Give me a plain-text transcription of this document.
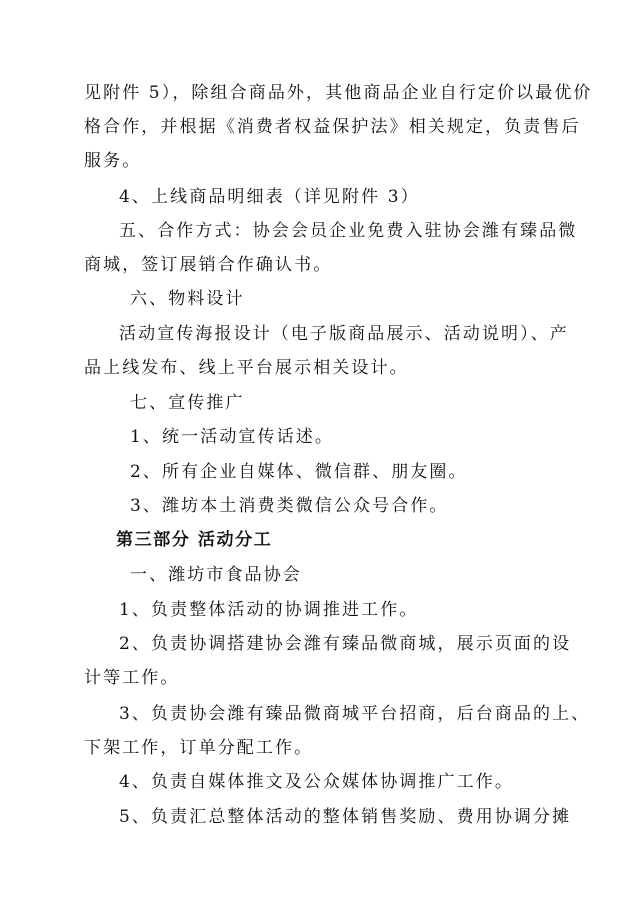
见附件 5），除组合商品外，其他商品企业自行定价以最优价
格合作，并根据《消费者权益保护法》相关规定，负责售后
服务。
4、上线商品明细表（详见附件 3）
五、合作方式：协会会员企业免费入驻协会潍有臻品微
商城，签订展销合作确认书。
六、物料设计
活动宣传海报设计（电子版商品展示、活动说明）、产
品上线发布、线上平台展示相关设计。
七、宣传推广
1、统一活动宣传话述。
2、所有企业自媒体、微信群、朋友圈。
3、潍坊本土消费类微信公众号合作。
第三部分 活动分工
一、潍坊市食品协会
1、负责整体活动的协调推进工作。
2、负责协调搭建协会潍有臻品微商城，展示页面的设
计等工作。
3、负责协会潍有臻品微商城平台招商，后台商品的上、
下架工作，订单分配工作。
4、负责自媒体推文及公众媒体协调推广工作。
5、负责汇总整体活动的整体销售奖励、费用协调分摊
